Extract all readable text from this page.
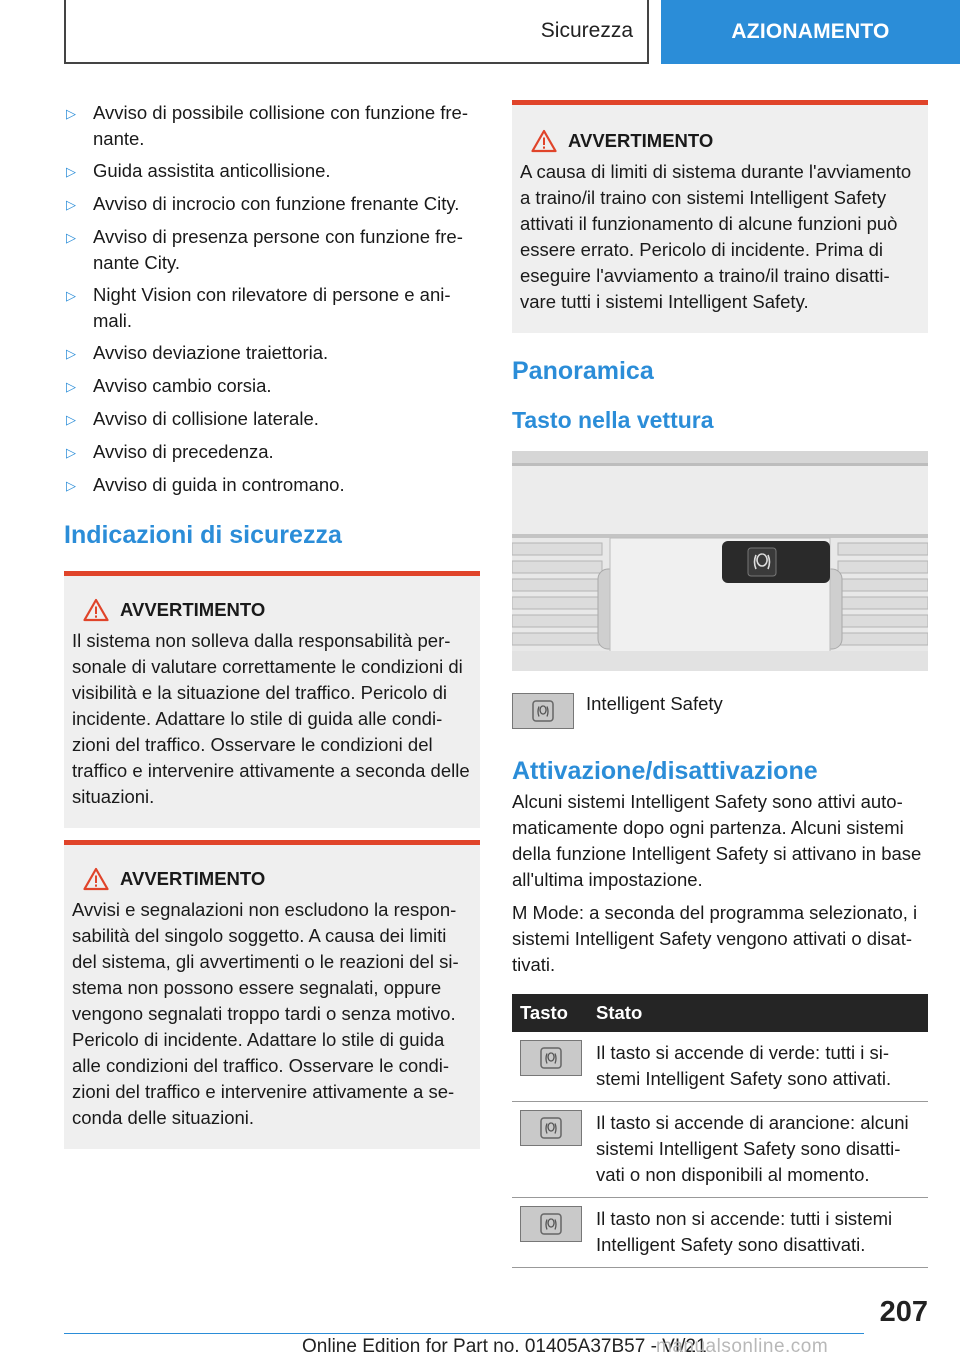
Sicurezza	AZIONAMENTO
▷ Avviso di possibile collisione con funzione fre-nante.
▷ Guida assistita anticollisione.
▷ Avviso di incrocio con funzione frenante City.
▷ Avviso di presenza persone con funzione fre-nante City.
▷ Night Vision con rilevatore di persone e ani-mali.
▷ Avviso deviazione traiettoria.
▷ Avviso cambio corsia.
▷ Avviso di collisione laterale.
▷ Avviso di precedenza.
▷ Avviso di guida in contromano.
Indicazioni di sicurezza
AVVERTIMENTO
Il sistema non solleva dalla responsabilità per-sonale di valutare correttamente le condizioni di visibilità e la situazione del traffico. Pericolo di incidente. Adattare lo stile di guida alle condi-zioni del traffico. Osservare le condizioni del traffico e intervenire attivamente a seconda delle situazioni.
AVVERTIMENTO
Avvisi e segnalazioni non escludono la respon-sabilità del singolo soggetto. A causa dei limiti del sistema, gli avvertimenti o le reazioni del si-stema non possono essere segnalati, oppure vengono segnalati troppo tardi o senza motivo. Pericolo di incidente. Adattare lo stile di guida alle condizioni del traffico. Osservare le condi-zioni del traffico e intervenire attivamente a se-conda delle situazioni.
AVVERTIMENTO
A causa di limiti di sistema durante l'avviamento a traino/il traino con sistemi Intelligent Safety attivati il funzionamento di alcune funzioni può essere errato. Pericolo di incidente. Prima di eseguire l'avviamento a traino/il traino disatti-vare tutti i sistemi Intelligent Safety.
Panoramica
Tasto nella vettura
Intelligent Safety
Attivazione/disattivazione
Alcuni sistemi Intelligent Safety sono attivi auto-maticamente dopo ogni partenza. Alcuni sistemi della funzione Intelligent Safety si attivano in base all'ultima impostazione.
M Mode: a seconda del programma selezionato, i sistemi Intelligent Safety vengono attivati o disat-tivati.
Tasto	Stato

	Il tasto si accende di verde: tutti i si-stemi Intelligent Safety sono attivati.

	Il tasto si accende di arancione: alcuni sistemi Intelligent Safety sono disatti-vati o non disponibili al momento.

	Il tasto non si accende: tutti i sistemi Intelligent Safety sono disattivati.
207
Online Edition for Part no. 01405A37B57 - VI/21
manualsonline.com
